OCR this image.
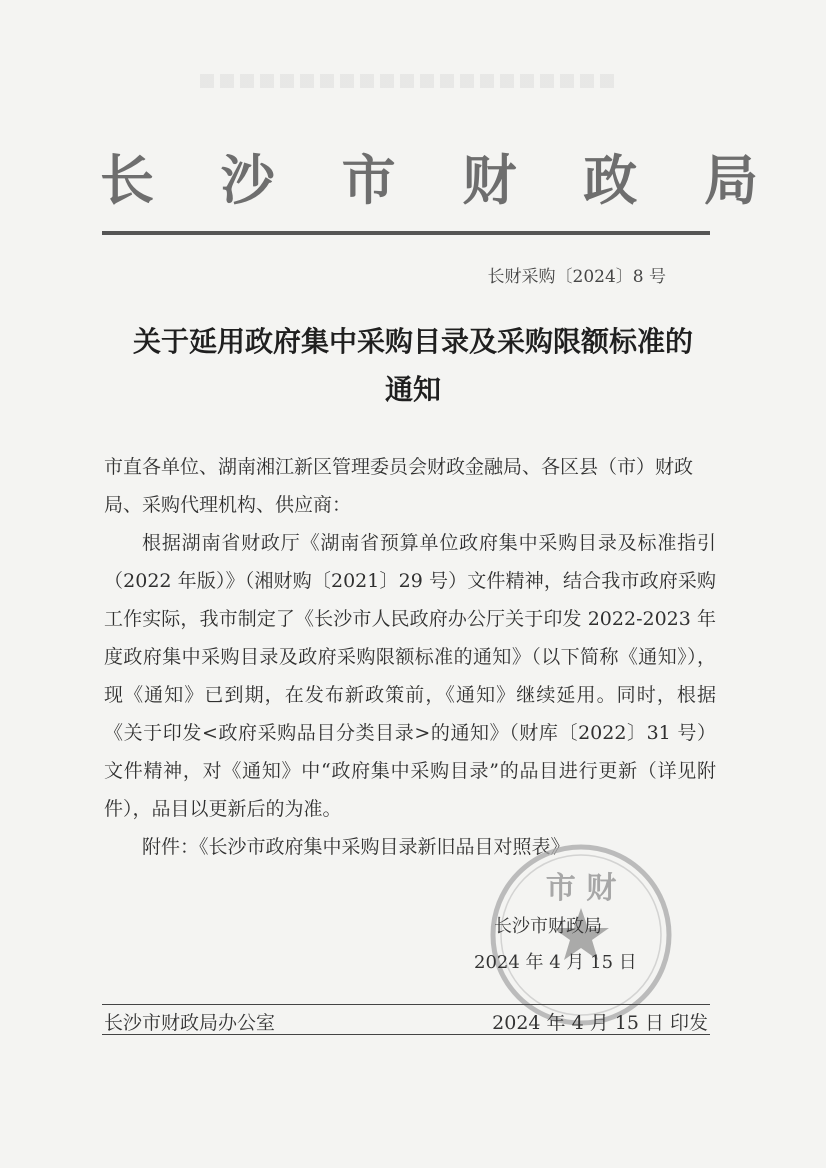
长 沙 市 财 政 局
长财采购〔2024〕8 号
关于延用政府集中采购目录及采购限额标准的
通知

市直各单位、湖南湘江新区管理委员会财政金融局、各区县（市）财政局、采购代理机构、供应商：

根据湖南省财政厅《湖南省预算单位政府集中采购目录及标准指引（2022 年版）》（湘财购〔2021〕29 号）文件精神，结合我市政府采购工作实际，我市制定了《长沙市人民政府办公厅关于印发 2022-2023 年度政府集中采购目录及政府采购限额标准的通知》（以下简称《通知》），现《通知》已到期，在发布新政策前，《通知》继续延用。同时，根据《关于印发<政府采购品目分类目录>的通知》（财库〔2022〕31 号）文件精神，对《通知》中“政府集中采购目录”的品目进行更新（详见附件），品目以更新后的为准。

附件：《长沙市政府集中采购目录新旧品目对照表》

市 财
长沙市财政局
2024 年 4 月 15 日
长沙市财政局办公室	2024 年 4 月 15 日 印发
